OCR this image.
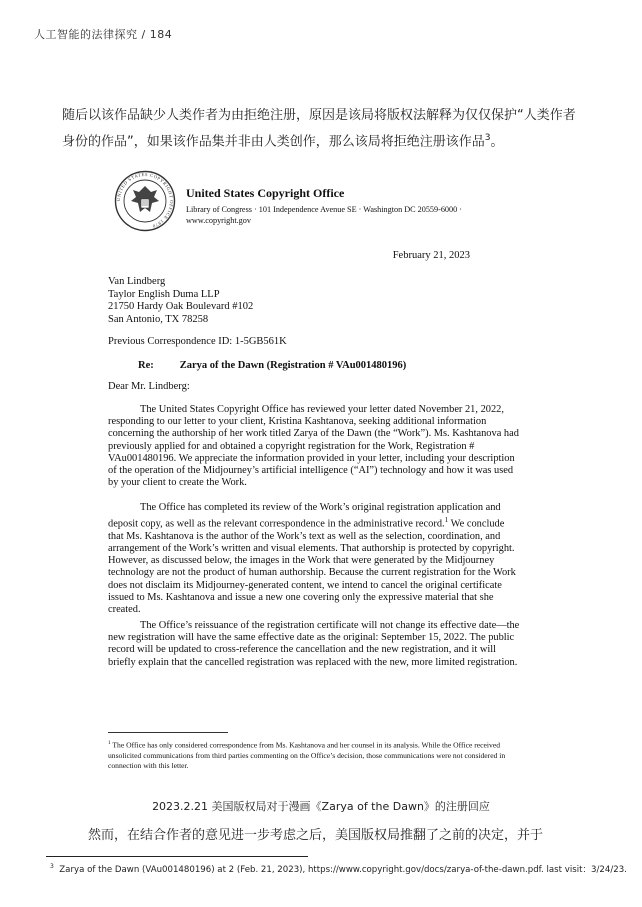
人工智能的法律探究 / 184

随后以该作品缺少人类作者为由拒绝注册，原因是该局将版权法解释为仅仅保护“人类作者身份的作品”，如果该作品集并非由人类创作，那么该局将拒绝注册该作品$^3$。

UNITED STATES COPYRIGHT OFFICE 1870
United States Copyright Office
Library of Congress · 101 Independence Avenue SE · Washington DC 20559-6000 · www.copyright.gov
February 21, 2023
Van Lindberg
Taylor English Duma LLP
21750 Hardy Oak Boulevard #102
San Antonio, TX 78258
Previous Correspondence ID: 1-5GB561K
Re: Zarya of the Dawn (Registration # VAu001480196)
Dear Mr. Lindberg:

The United States Copyright Office has reviewed your letter dated November 21, 2022, responding to our letter to your client, Kristina Kashtanova, seeking additional information concerning the authorship of her work titled Zarya of the Dawn (the “Work”). Ms. Kashtanova had previously applied for and obtained a copyright registration for the Work, Registration # VAu001480196. We appreciate the information provided in your letter, including your description of the operation of the Midjourney’s artificial intelligence (“AI”) technology and how it was used by your client to create the Work.

The Office has completed its review of the Work’s original registration application and deposit copy, as well as the relevant correspondence in the administrative record.$^1$ We conclude that Ms. Kashtanova is the author of the Work’s text as well as the selection, coordination, and arrangement of the Work’s written and visual elements. That authorship is protected by copyright. However, as discussed below, the images in the Work that were generated by the Midjourney technology are not the product of human authorship. Because the current registration for the Work does not disclaim its Midjourney-generated content, we intend to cancel the original certificate issued to Ms. Kashtanova and issue a new one covering only the expressive material that she created.

The Office’s reissuance of the registration certificate will not change its effective date—the new registration will have the same effective date as the original: September 15, 2022. The public record will be updated to cross-reference the cancellation and the new registration, and it will briefly explain that the cancelled registration was replaced with the new, more limited registration.

$^1$ The Office has only considered correspondence from Ms. Kashtanova and her counsel in its analysis. While the Office received unsolicited communications from third parties commenting on the Office’s decision, those communications were not considered in connection with this letter.
2023.2.21 美国版权局对于漫画《Zarya of the Dawn》的注册回应

然而，在结合作者的意见进一步考虑之后，美国版权局推翻了之前的决定，并于

$^3$ Zarya of the Dawn (VAu001480196) at 2 (Feb. 21, 2023), https://www.copyright.gov/docs/zarya-of-the-dawn.pdf. last visit：3/24/23.
